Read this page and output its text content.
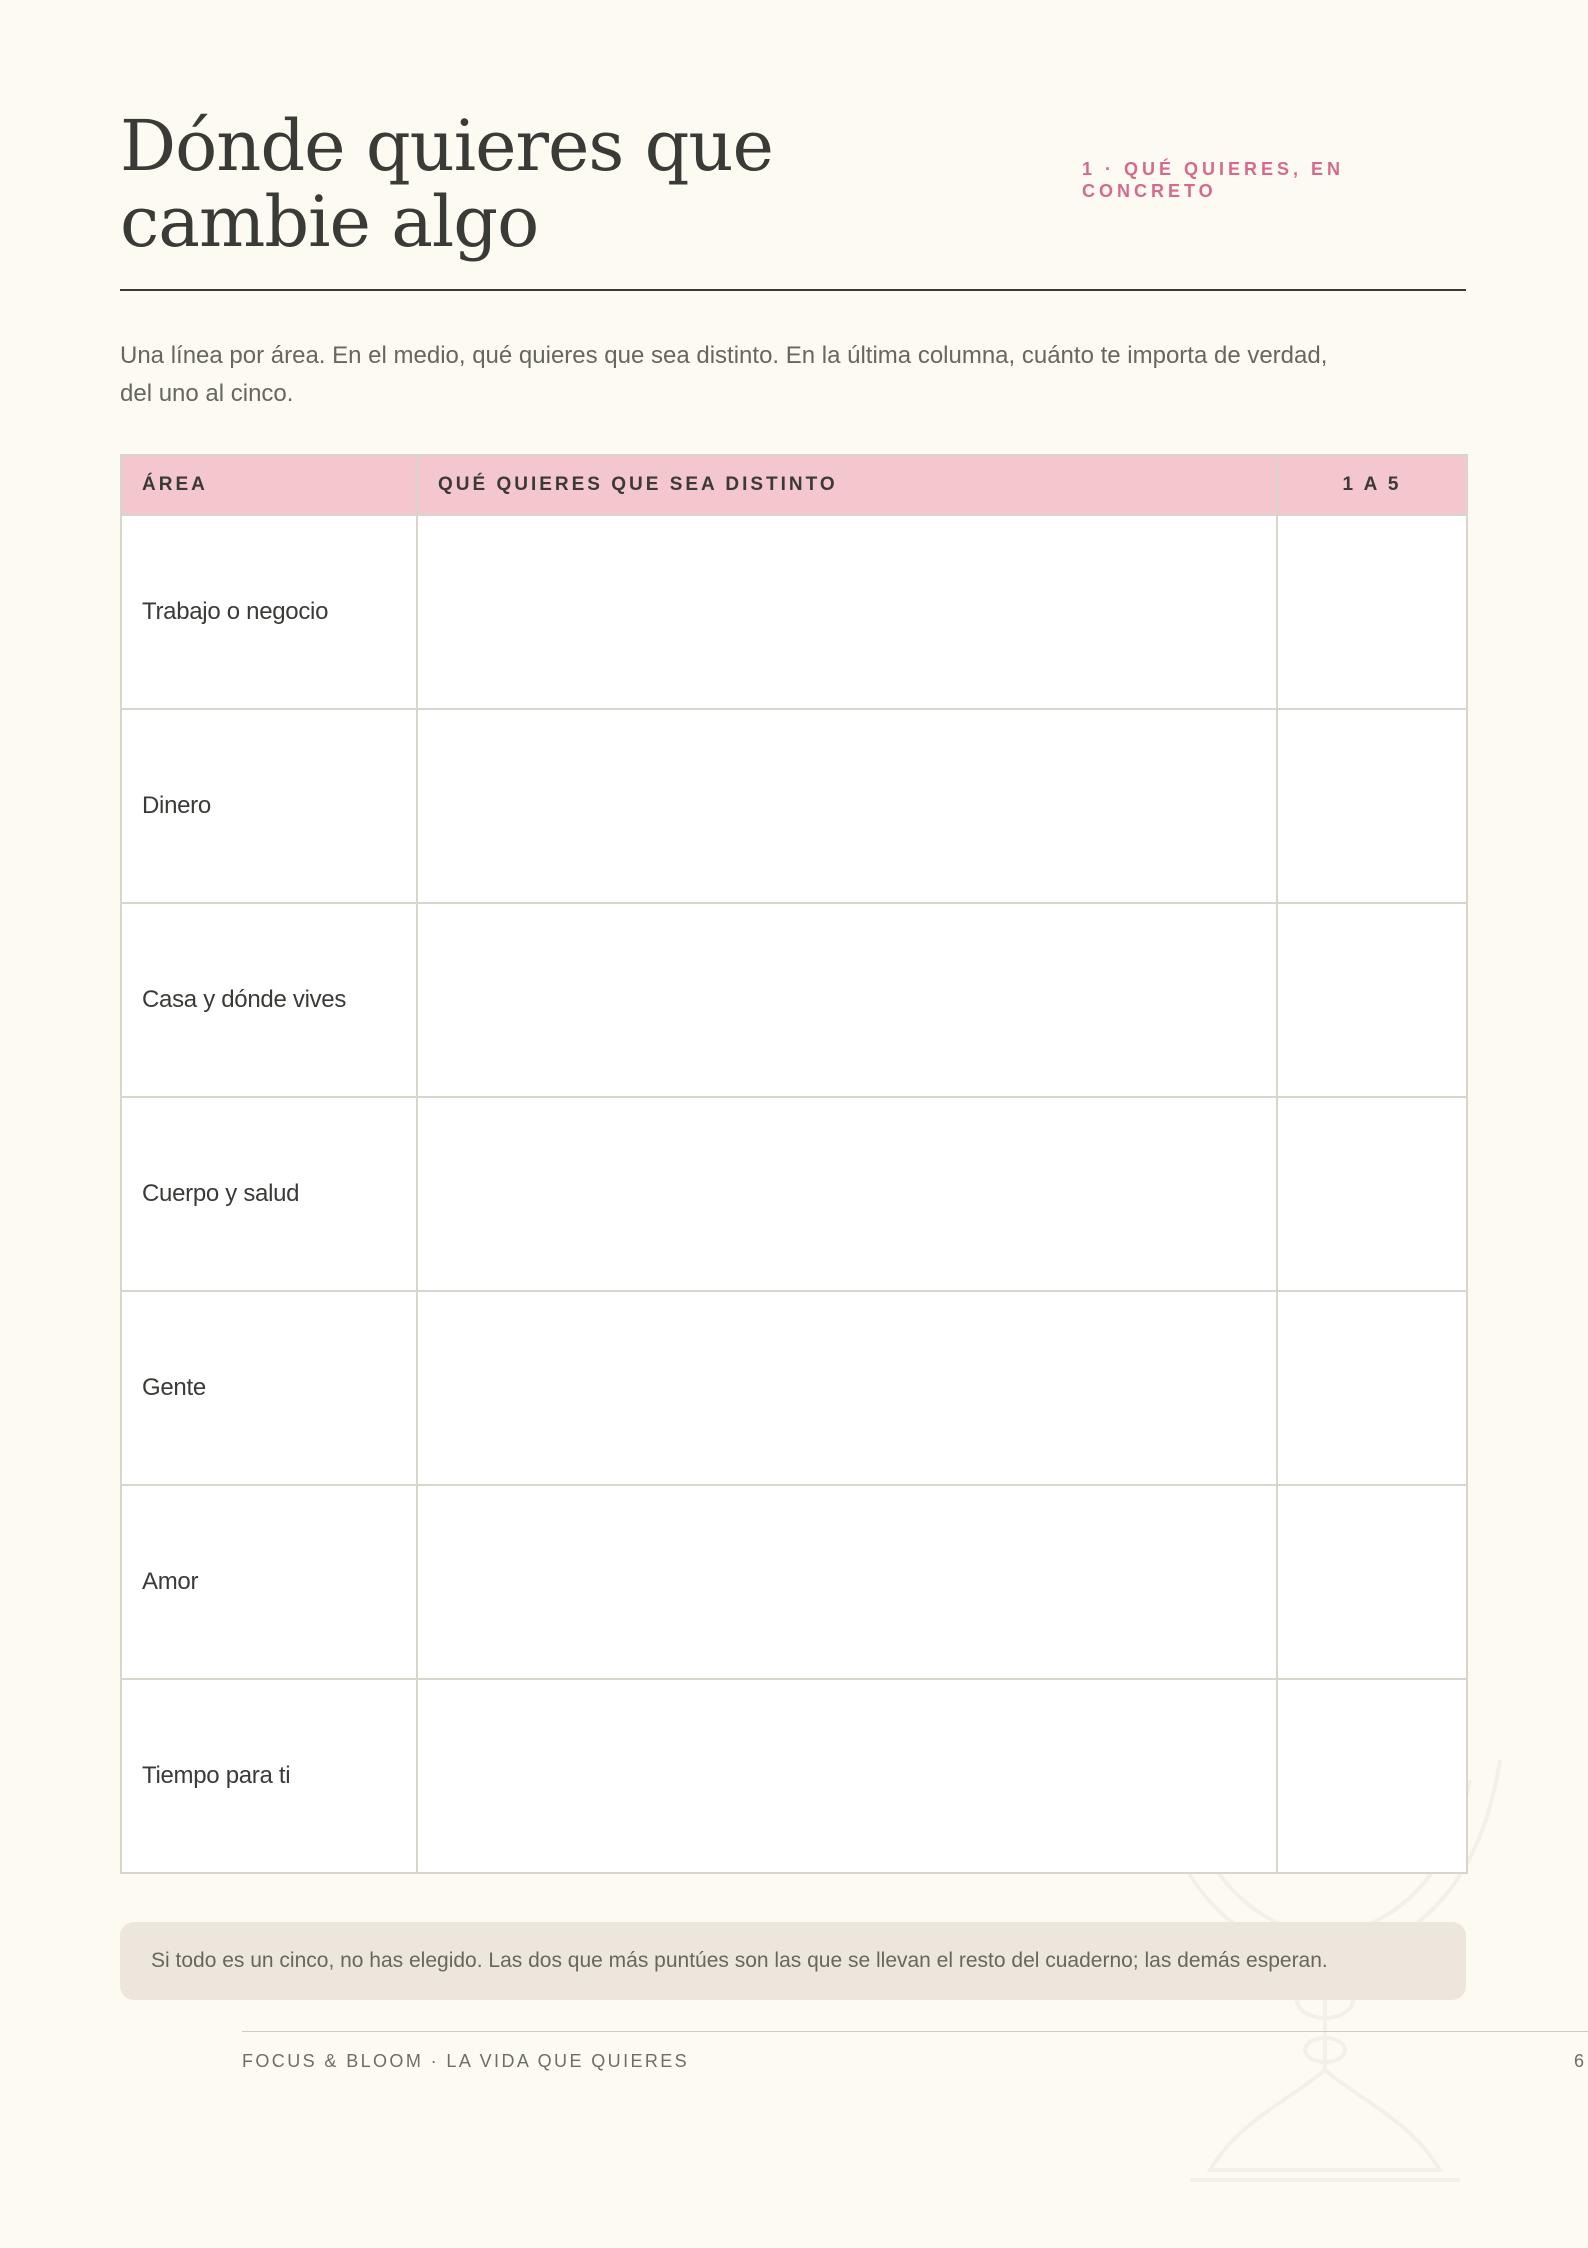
Dónde quieres que cambie algo
1 · QUÉ QUIERES, EN CONCRETO

Una línea por área. En el medio, qué quieres que sea distinto. En la última columna, cuánto te importa de verdad, del uno al cinco.

ÁREA	QUÉ QUIERES QUE SEA DISTINTO	1 A 5
Trabajo o negocio		
Dinero		
Casa y dónde vives		
Cuerpo y salud		
Gente		
Amor		
Tiempo para ti		
Si todo es un cinco, no has elegido. Las dos que más puntúes son las que se llevan el resto del cuaderno; las demás esperan.
FOCUS & BLOOM · LA VIDA QUE QUIERES	6
